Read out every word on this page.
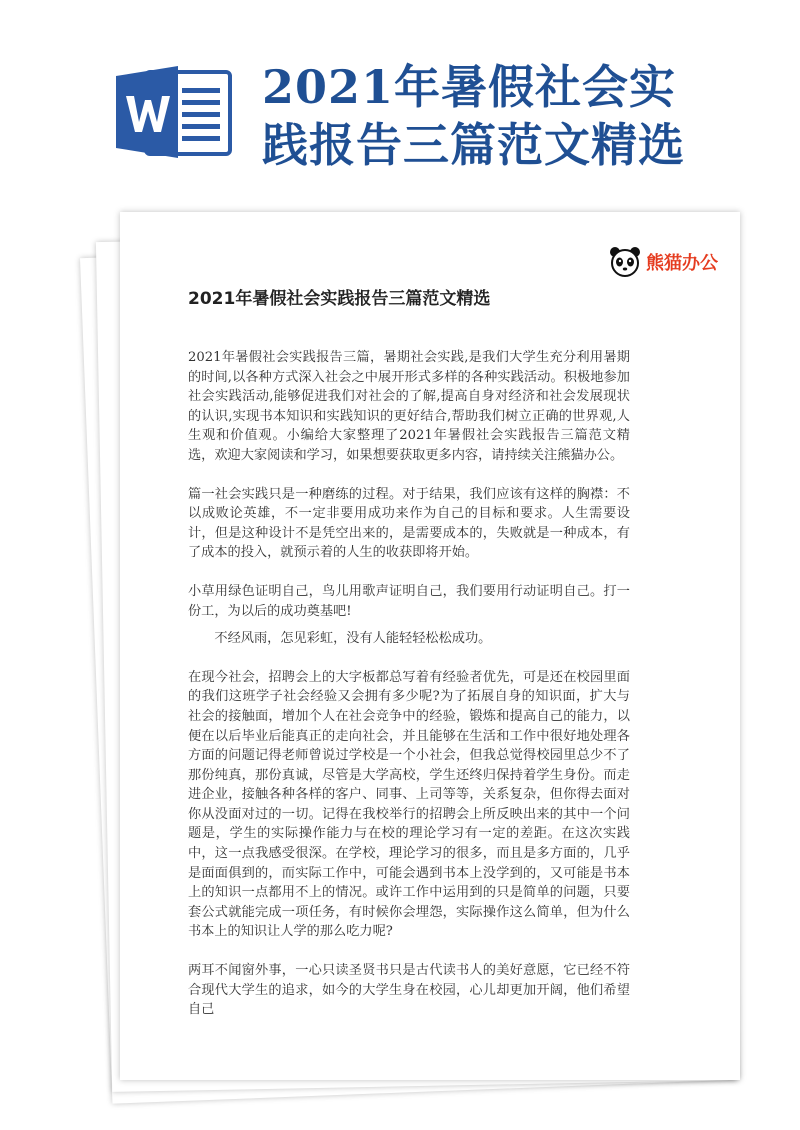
2021年暑假社会实
践报告三篇范文精选
熊猫办公
2021年暑假社会实践报告三篇范文精选

2021年暑假社会实践报告三篇，暑期社会实践,是我们大学生充分利用暑期的时间,以各种方式深入社会之中展开形式多样的各种实践活动。积极地参加社会实践活动,能够促进我们对社会的了解,提高自身对经济和社会发展现状的认识,实现书本知识和实践知识的更好结合,帮助我们树立正确的世界观,人生观和价值观。小编给大家整理了2021年暑假社会实践报告三篇范文精选，欢迎大家阅读和学习，如果想要获取更多内容，请持续关注熊猫办公。

篇一社会实践只是一种磨练的过程。对于结果，我们应该有这样的胸襟：不以成败论英雄，不一定非要用成功来作为自己的目标和要求。人生需要设计，但是这种设计不是凭空出来的，是需要成本的，失败就是一种成本，有了成本的投入，就预示着的人生的收获即将开始。

小草用绿色证明自己，鸟儿用歌声证明自己，我们要用行动证明自己。打一份工，为以后的成功奠基吧!

不经风雨，怎见彩虹，没有人能轻轻松松成功。

在现今社会，招聘会上的大字板都总写着有经验者优先，可是还在校园里面的我们这班学子社会经验又会拥有多少呢?为了拓展自身的知识面，扩大与社会的接触面，增加个人在社会竞争中的经验，锻炼和提高自己的能力，以便在以后毕业后能真正的走向社会，并且能够在生活和工作中很好地处理各方面的问题记得老师曾说过学校是一个小社会，但我总觉得校园里总少不了那份纯真，那份真诚，尽管是大学高校，学生还终归保持着学生身份。而走进企业，接触各种各样的客户、同事、上司等等，关系复杂，但你得去面对你从没面对过的一切。记得在我校举行的招聘会上所反映出来的其中一个问题是，学生的实际操作能力与在校的理论学习有一定的差距。在这次实践中，这一点我感受很深。在学校，理论学习的很多，而且是多方面的，几乎是面面俱到的，而实际工作中，可能会遇到书本上没学到的，又可能是书本上的知识一点都用不上的情况。或许工作中运用到的只是简单的问题，只要套公式就能完成一项任务，有时候你会埋怨，实际操作这么简单，但为什么书本上的知识让人学的那么吃力呢?

两耳不闻窗外事，一心只读圣贤书只是古代读书人的美好意愿，它已经不符合现代大学生的追求，如今的大学生身在校园，心儿却更加开阔，他们希望自己
